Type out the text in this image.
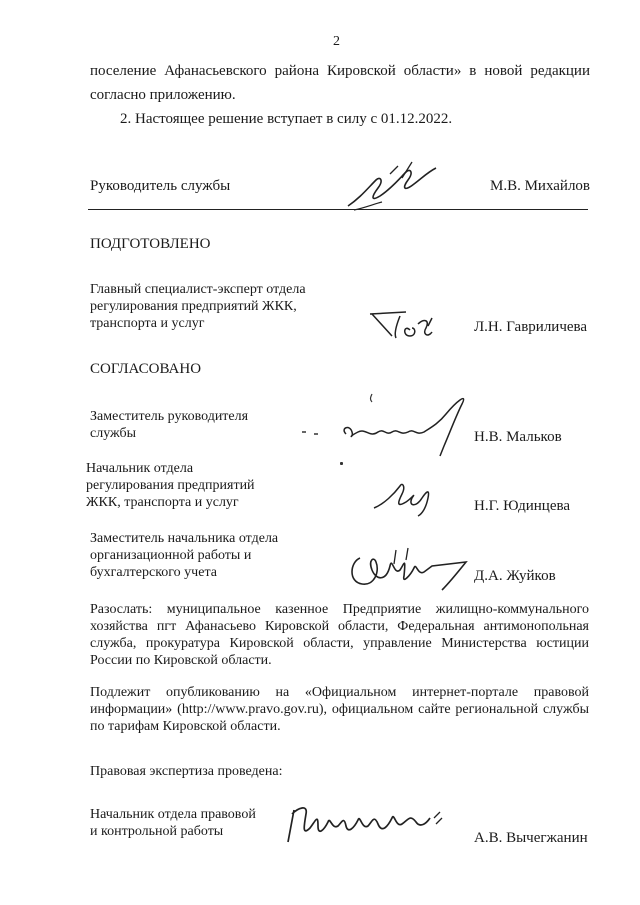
2
поселение Афанасьевского района Кировской области» в новой редакции
согласно приложению.
2. Настоящее решение вступает в силу с 01.12.2022.
Руководитель службы	М.В. Михайлов
ПОДГОТОВЛЕНО
Главный специалист-эксперт отдела
регулирования предприятий ЖКК,
транспорта и услуг	Л.Н. Гавриличева
СОГЛАСОВАНО
Заместитель руководителя
службы	Н.В. Мальков
Начальник отдела
регулирования предприятий
ЖКК, транспорта и услуг	Н.Г. Юдинцева
Заместитель начальника отдела
организационной работы и
бухгалтерского учета	Д.А. Жуйков
Разослать: муниципальное казенное Предприятие жилищно-коммунального хозяйства пгт Афанасьево Кировской области, Федеральная антимонопольная служба, прокуратура Кировской области, управление Министерства юстиции России по Кировской области.
Подлежит опубликованию на «Официальном интернет-портале правовой информации» (http://www.pravo.gov.ru), официальном сайте региональной службы по тарифам Кировской области.
Правовая экспертиза проведена:
Начальник отдела правовой
и контрольной работы	А.В. Вычегжанин
